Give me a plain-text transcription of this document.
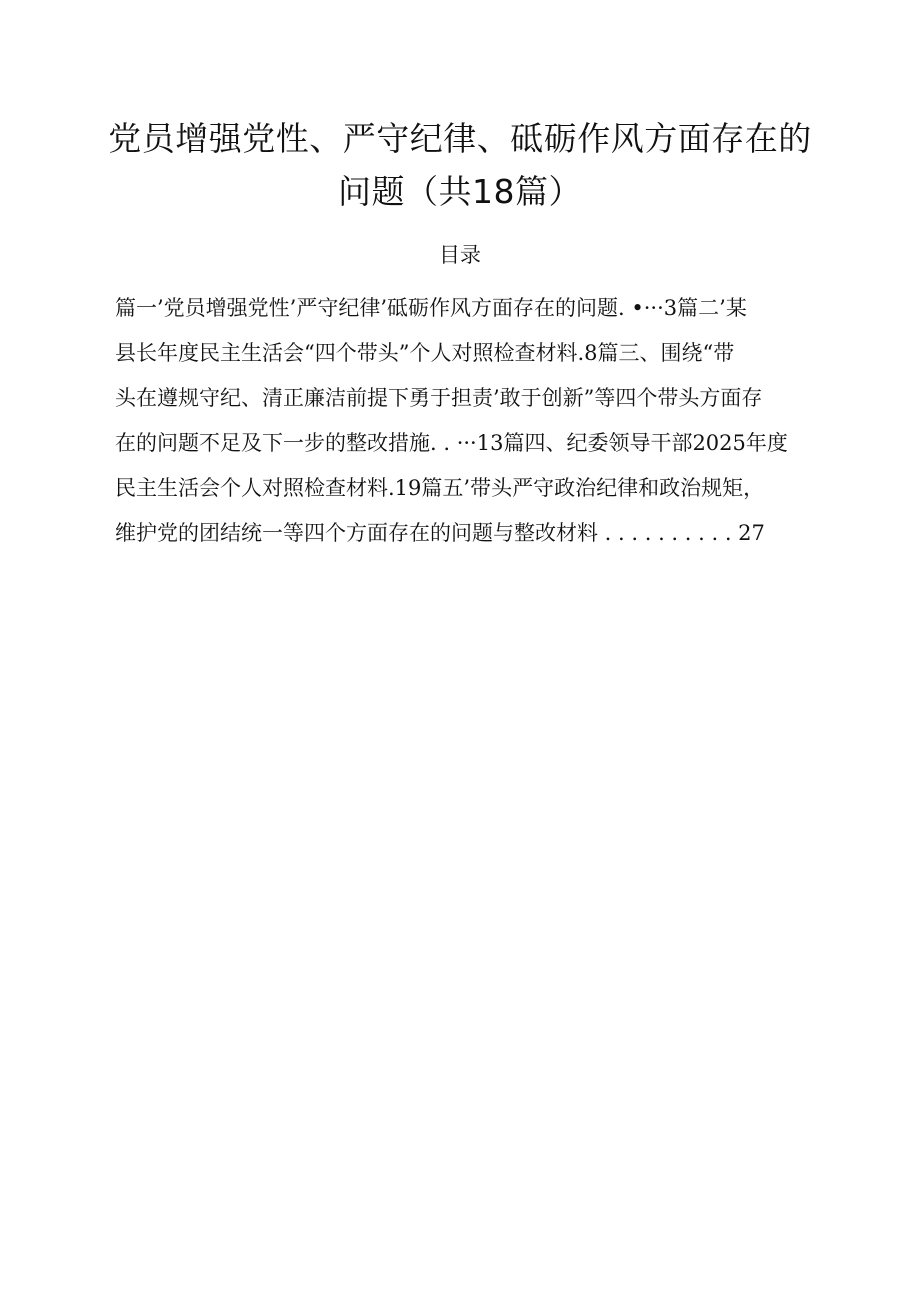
党员增强党性、严守纪律、砥砺作风方面存在的
问题（共18篇）
目录
篇一’党员增强党性’严守纪律’砥砺作风方面存在的问题. •···3篇二’某
县长年度民主生活会“四个带头”个人对照检查材料.8篇三、围绕“带
头在遵规守纪、清正廉洁前提下勇于担责’敢于创新”等四个带头方面存
在的问题不足及下一步的整改措施. . ···13篇四、纪委领导干部2025年度
民主生活会个人对照检查材料.19篇五’带头严守政治纪律和政治规矩，
维护党的团结统一等四个方面存在的问题与整改材料 . . . . . . . . . . 27
